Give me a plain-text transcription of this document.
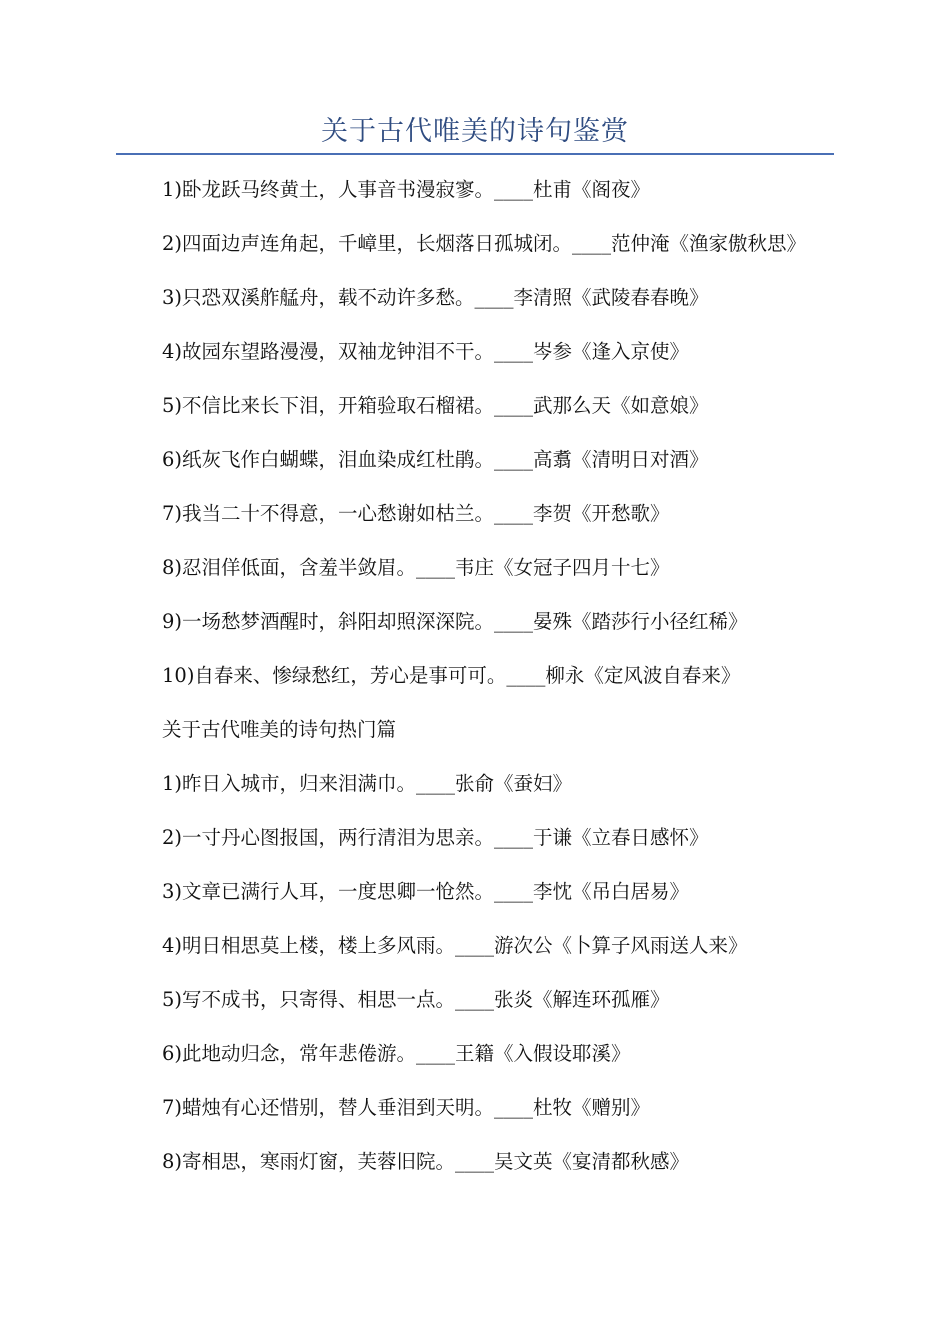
关于古代唯美的诗句鉴赏

1)卧龙跃马终黄土，人事音书漫寂寥。____杜甫《阁夜》

2)四面边声连角起，千嶂里，长烟落日孤城闭。____范仲淹《渔家傲秋思》

3)只恐双溪舴艋舟，载不动许多愁。____李清照《武陵春春晚》

4)故园东望路漫漫，双袖龙钟泪不干。____岑参《逢入京使》

5)不信比来长下泪，开箱验取石榴裙。____武那么天《如意娘》

6)纸灰飞作白蝴蝶，泪血染成红杜鹃。____高翥《清明日对酒》

7)我当二十不得意，一心愁谢如枯兰。____李贺《开愁歌》

8)忍泪佯低面，含羞半敛眉。____韦庄《女冠子四月十七》

9)一场愁梦酒醒时，斜阳却照深深院。____晏殊《踏莎行小径红稀》

10)自春来、惨绿愁红，芳心是事可可。____柳永《定风波自春来》

关于古代唯美的诗句热门篇

1)昨日入城市，归来泪满巾。____张俞《蚕妇》

2)一寸丹心图报国，两行清泪为思亲。____于谦《立春日感怀》

3)文章已满行人耳，一度思卿一怆然。____李忱《吊白居易》

4)明日相思莫上楼，楼上多风雨。____游次公《卜算子风雨送人来》

5)写不成书，只寄得、相思一点。____张炎《解连环孤雁》

6)此地动归念，常年悲倦游。____王籍《入假设耶溪》

7)蜡烛有心还惜别，替人垂泪到天明。____杜牧《赠别》

8)寄相思，寒雨灯窗，芙蓉旧院。____吴文英《宴清都秋感》
